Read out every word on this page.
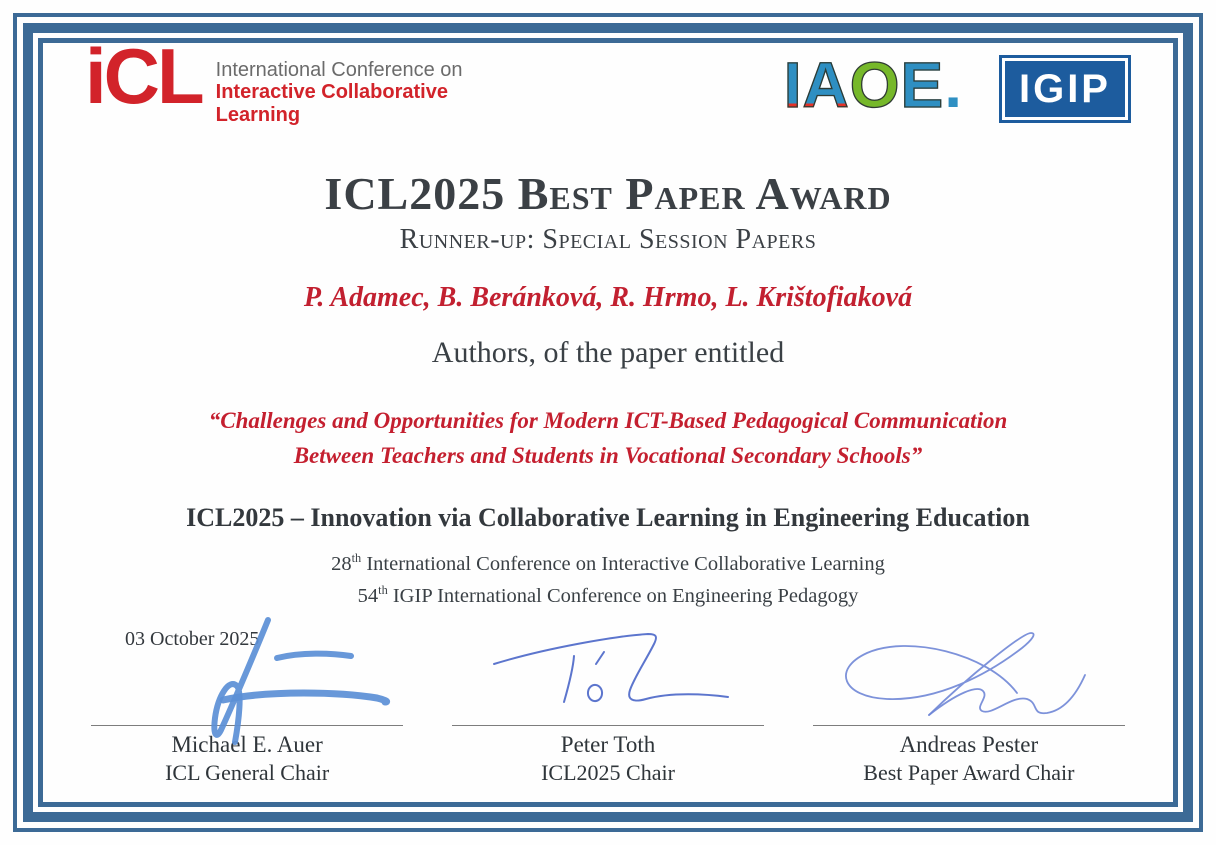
iCL International Conference on
Interactive Collaborative
Learning	IAOE.	IGIP
ICL2025 Best Paper Award
Runner-up: Special Session Papers
P. Adamec, B. Beránková, R. Hrmo, L. Krištofiaková
Authors, of the paper entitled
“Challenges and Opportunities for Modern ICT-Based Pedagogical Communication
Between Teachers and Students in Vocational Secondary Schools”
ICL2025 – Innovation via Collaborative Learning in Engineering Education
28th International Conference on Interactive Collaborative Learning
54th IGIP International Conference on Engineering Pedagogy
03 October 2025
Michael E. Auer
ICL General Chair
Peter Toth
ICL2025 Chair
Andreas Pester
Best Paper Award Chair
